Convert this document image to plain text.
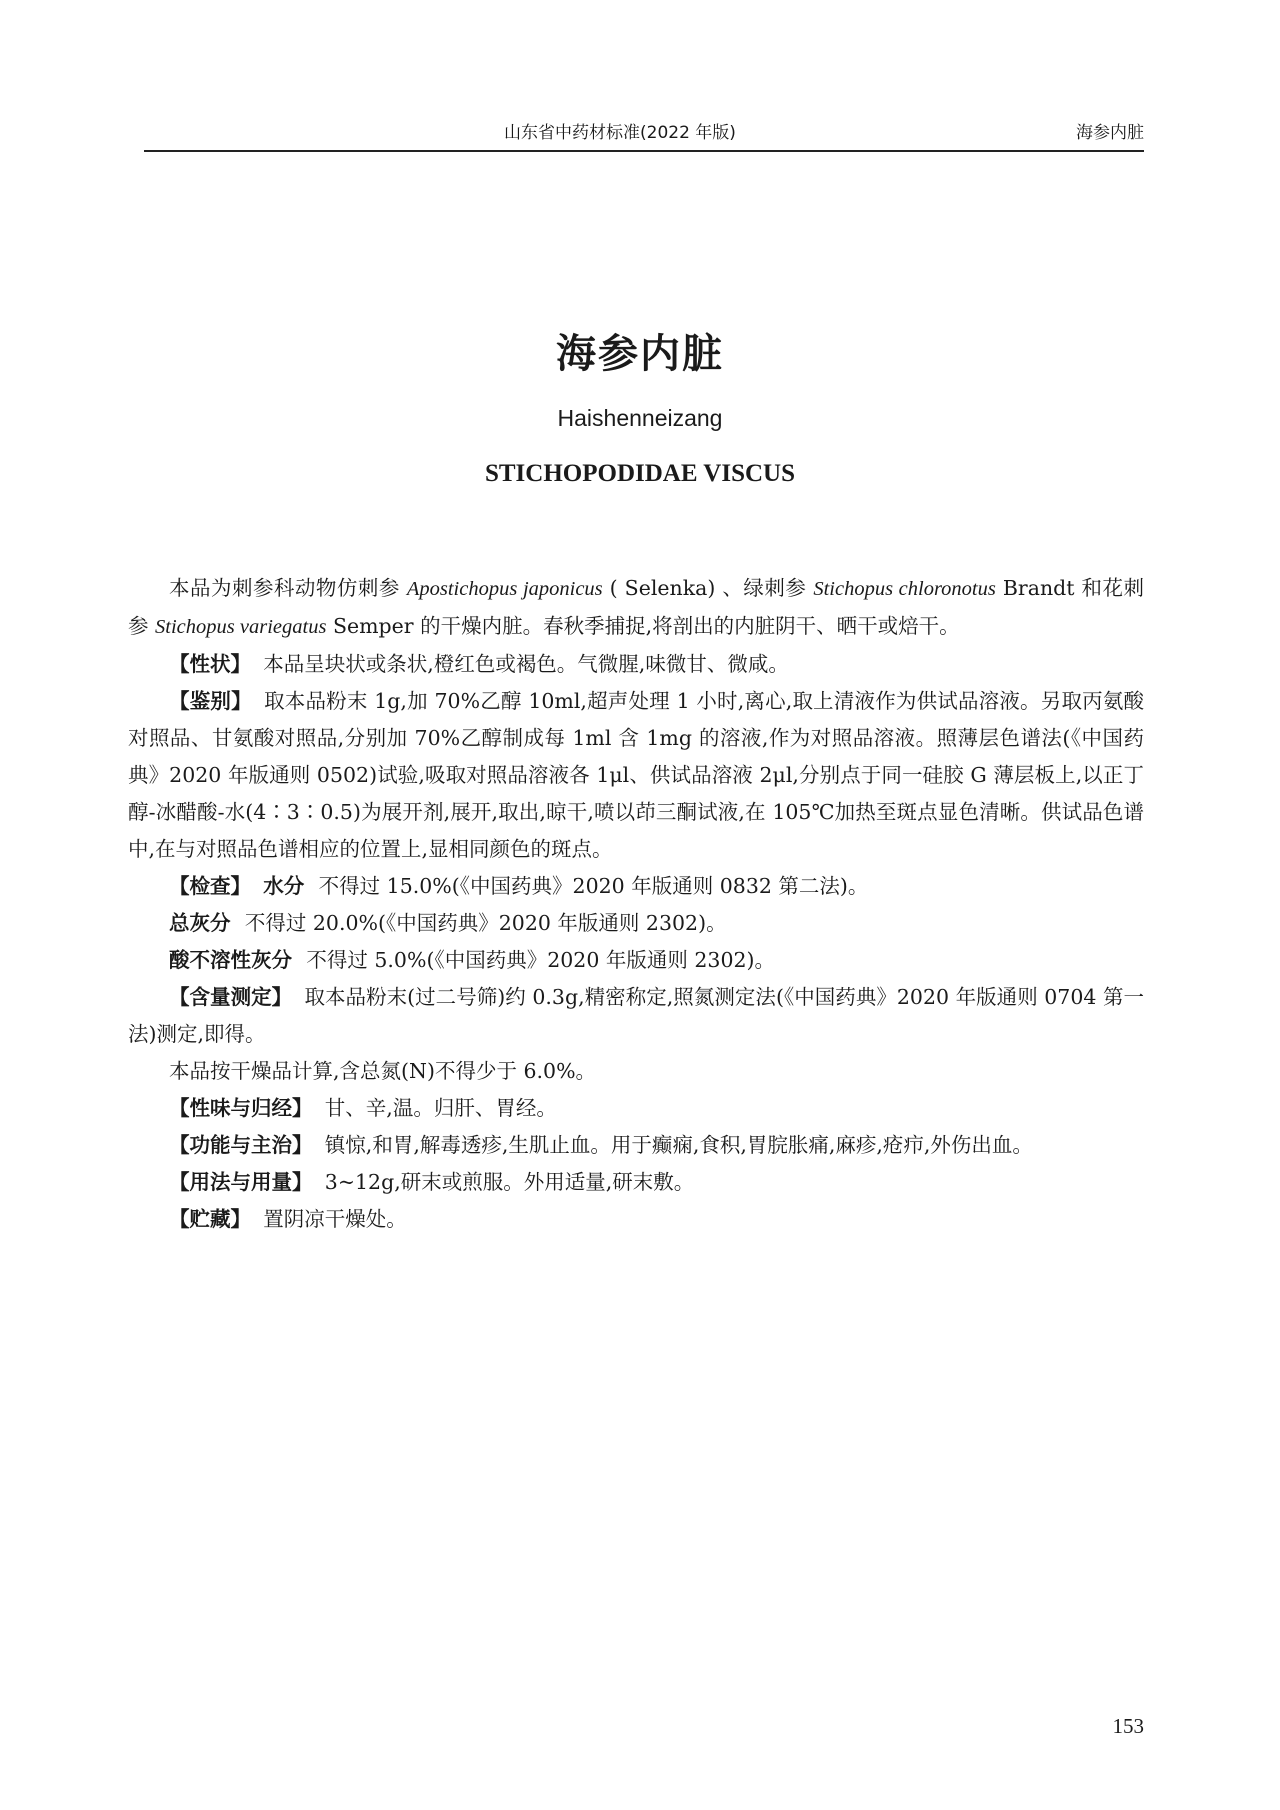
山东省中药材标准(2022 年版)	海参内脏
海参内脏
Haishenneizang
STICHOPODIDAE VISCUS

本品为刺参科动物仿刺参 Apostichopus japonicus ( Selenka) 、绿刺参 Stichopus chloronotus Brandt 和花刺参 Stichopus variegatus Semper 的干燥内脏。春秋季捕捉,将剖出的内脏阴干、晒干或焙干。

【性状】 本品呈块状或条状,橙红色或褐色。气微腥,味微甘、微咸。

【鉴别】 取本品粉末 1g,加 70%乙醇 10ml,超声处理 1 小时,离心,取上清液作为供试品溶液。另取丙氨酸对照品、甘氨酸对照品,分别加 70%乙醇制成每 1ml 含 1mg 的溶液,作为对照品溶液。照薄层色谱法(《中国药典》2020 年版通则 0502)试验,吸取对照品溶液各 1μl、供试品溶液 2μl,分别点于同一硅胶 G 薄层板上,以正丁醇-冰醋酸-水(4∶3∶0.5)为展开剂,展开,取出,晾干,喷以茚三酮试液,在 105℃加热至斑点显色清晰。供试品色谱中,在与对照品色谱相应的位置上,显相同颜色的斑点。

【检查】 水分 不得过 15.0%(《中国药典》2020 年版通则 0832 第二法)。

总灰分 不得过 20.0%(《中国药典》2020 年版通则 2302)。

酸不溶性灰分 不得过 5.0%(《中国药典》2020 年版通则 2302)。

【含量测定】 取本品粉末(过二号筛)约 0.3g,精密称定,照氮测定法(《中国药典》2020 年版通则 0704 第一法)测定,即得。

本品按干燥品计算,含总氮(N)不得少于 6.0%。

【性味与归经】 甘、辛,温。归肝、胃经。

【功能与主治】 镇惊,和胃,解毒透疹,生肌止血。用于癫痫,食积,胃脘胀痛,麻疹,疮疖,外伤出血。

【用法与用量】 3~12g,研末或煎服。外用适量,研末敷。

【贮藏】 置阴凉干燥处。

153
